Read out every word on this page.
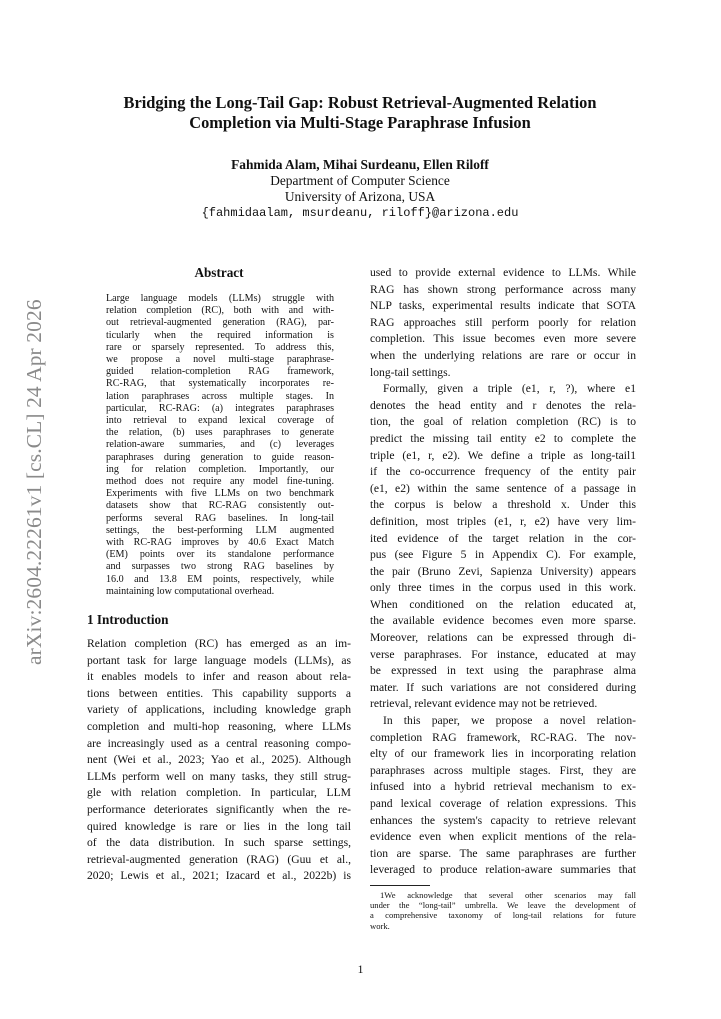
arXiv:2604.22261v1 [cs.CL] 24 Apr 2026
Bridging the Long-Tail Gap: Robust Retrieval-Augmented Relation
Completion via Multi-Stage Paraphrase Infusion
Fahmida Alam, Mihai Surdeanu, Ellen Riloff
Department of Computer Science
University of Arizona, USA
{fahmidaalam, msurdeanu, riloff}@arizona.edu
Abstract
Large language models (LLMs) struggle with
relation completion (RC), both with and with-
out retrieval-augmented generation (RAG), par-
ticularly when the required information is
rare or sparsely represented. To address this,
we propose a novel multi-stage paraphrase-
guided relation-completion RAG framework,
RC-RAG, that systematically incorporates re-
lation paraphrases across multiple stages. In
particular, RC-RAG: (a) integrates paraphrases
into retrieval to expand lexical coverage of
the relation, (b) uses paraphrases to generate
relation-aware summaries, and (c) leverages
paraphrases during generation to guide reason-
ing for relation completion. Importantly, our
method does not require any model fine-tuning.
Experiments with five LLMs on two benchmark
datasets show that RC-RAG consistently out-
performs several RAG baselines. In long-tail
settings, the best-performing LLM augmented
with RC-RAG improves by 40.6 Exact Match
(EM) points over its standalone performance
and surpasses two strong RAG baselines by
16.0 and 13.8 EM points, respectively, while
maintaining low computational overhead.
1 Introduction
Relation completion (RC) has emerged as an im-
portant task for large language models (LLMs), as
it enables models to infer and reason about rela-
tions between entities. This capability supports a
variety of applications, including knowledge graph
completion and multi-hop reasoning, where LLMs
are increasingly used as a central reasoning compo-
nent (Wei et al., 2023; Yao et al., 2025). Although
LLMs perform well on many tasks, they still strug-
gle with relation completion. In particular, LLM
performance deteriorates significantly when the re-
quired knowledge is rare or lies in the long tail
of the data distribution. In such sparse settings,
retrieval-augmented generation (RAG) (Guu et al.,
2020; Lewis et al., 2021; Izacard et al., 2022b) is
used to provide external evidence to LLMs. While
RAG has shown strong performance across many
NLP tasks, experimental results indicate that SOTA
RAG approaches still perform poorly for relation
completion. This issue becomes even more severe
when the underlying relations are rare or occur in
long-tail settings.
Formally, given a triple (e1, r, ?), where e1
denotes the head entity and r denotes the rela-
tion, the goal of relation completion (RC) is to
predict the missing tail entity e2 to complete the
triple (e1, r, e2). We define a triple as long-tail1
if the co-occurrence frequency of the entity pair
(e1, e2) within the same sentence of a passage in
the corpus is below a threshold x. Under this
definition, most triples (e1, r, e2) have very lim-
ited evidence of the target relation in the cor-
pus (see Figure 5 in Appendix C). For example,
the pair (Bruno Zevi, Sapienza University) appears
only three times in the corpus used in this work.
When conditioned on the relation educated at,
the available evidence becomes even more sparse.
Moreover, relations can be expressed through di-
verse paraphrases. For instance, educated at may
be expressed in text using the paraphrase alma
mater. If such variations are not considered during
retrieval, relevant evidence may not be retrieved.
In this paper, we propose a novel relation-
completion RAG framework, RC-RAG. The nov-
elty of our framework lies in incorporating relation
paraphrases across multiple stages. First, they are
infused into a hybrid retrieval mechanism to ex-
pand lexical coverage of relation expressions. This
enhances the system's capacity to retrieve relevant
evidence even when explicit mentions of the rela-
tion are sparse. The same paraphrases are further
leveraged to produce relation-aware summaries that
1We acknowledge that several other scenarios may fall
under the “long-tail” umbrella. We leave the development of
a comprehensive taxonomy of long-tail relations for future
work.
1
